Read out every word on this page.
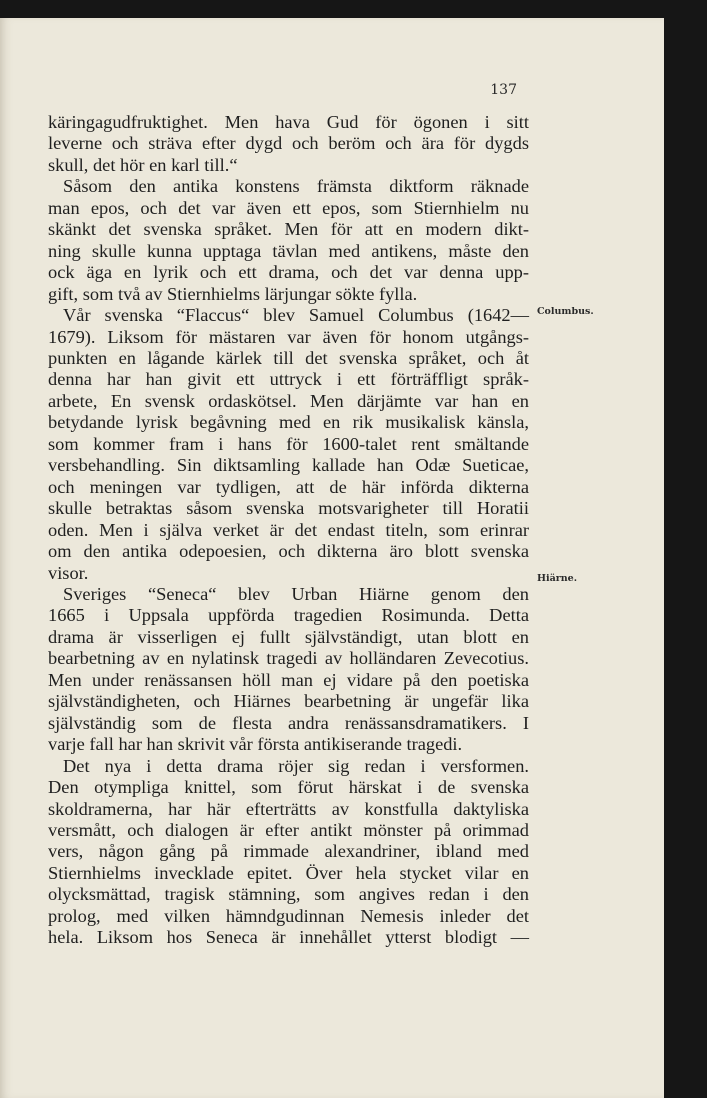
137

käringagudfruktighet. Men hava Gud för ögonen i sitt
leverne och sträva efter dygd och beröm och ära för dygds
skull, det hör en karl till.“
Såsom den antika konstens främsta diktform räknade
man epos, och det var även ett epos, som Stiernhielm nu
skänkt det svenska språket. Men för att en modern dikt-
ning skulle kunna upptaga tävlan med antikens, måste den
ock äga en lyrik och ett drama, och det var denna upp-
gift, som två av Stiernhielms lärjungar sökte fylla.
Vår svenska “Flaccus“ blev Samuel Columbus (1642—
1679). Liksom för mästaren var även för honom utgångs-
punkten en lågande kärlek till det svenska språket, och åt
denna har han givit ett uttryck i ett förträffligt språk-
arbete, En svensk ordaskötsel. Men därjämte var han en
betydande lyrisk begåvning med en rik musikalisk känsla,
som kommer fram i hans för 1600-talet rent smältande
versbehandling. Sin diktsamling kallade han Odæ Sueticae,
och meningen var tydligen, att de här införda dikterna
skulle betraktas såsom svenska motsvarigheter till Horatii
oden. Men i själva verket är det endast titeln, som erinrar
om den antika odepoesien, och dikterna äro blott svenska
visor.
Sveriges “Seneca“ blev Urban Hiärne genom den
1665 i Uppsala uppförda tragedien Rosimunda. Detta
drama är visserligen ej fullt självständigt, utan blott en
bearbetning av en nylatinsk tragedi av holländaren Zevecotius.
Men under renässansen höll man ej vidare på den poetiska
självständigheten, och Hiärnes bearbetning är ungefär lika
självständig som de flesta andra renässansdramatikers. I
varje fall har han skrivit vår första antikiserande tragedi.
Det nya i detta drama röjer sig redan i versformen.
Den otympliga knittel, som förut härskat i de svenska
skoldramerna, har här efterträtts av konstfulla daktyliska
versmått, och dialogen är efter antikt mönster på orimmad
vers, någon gång på rimmade alexandriner, ibland med
Stiernhielms invecklade epitet. Över hela stycket vilar en
olycksmättad, tragisk stämning, som angives redan i den
prolog, med vilken hämndgudinnan Nemesis inleder det
hela. Liksom hos Seneca är innehållet ytterst blodigt —

Columbus.

Hiärne.
